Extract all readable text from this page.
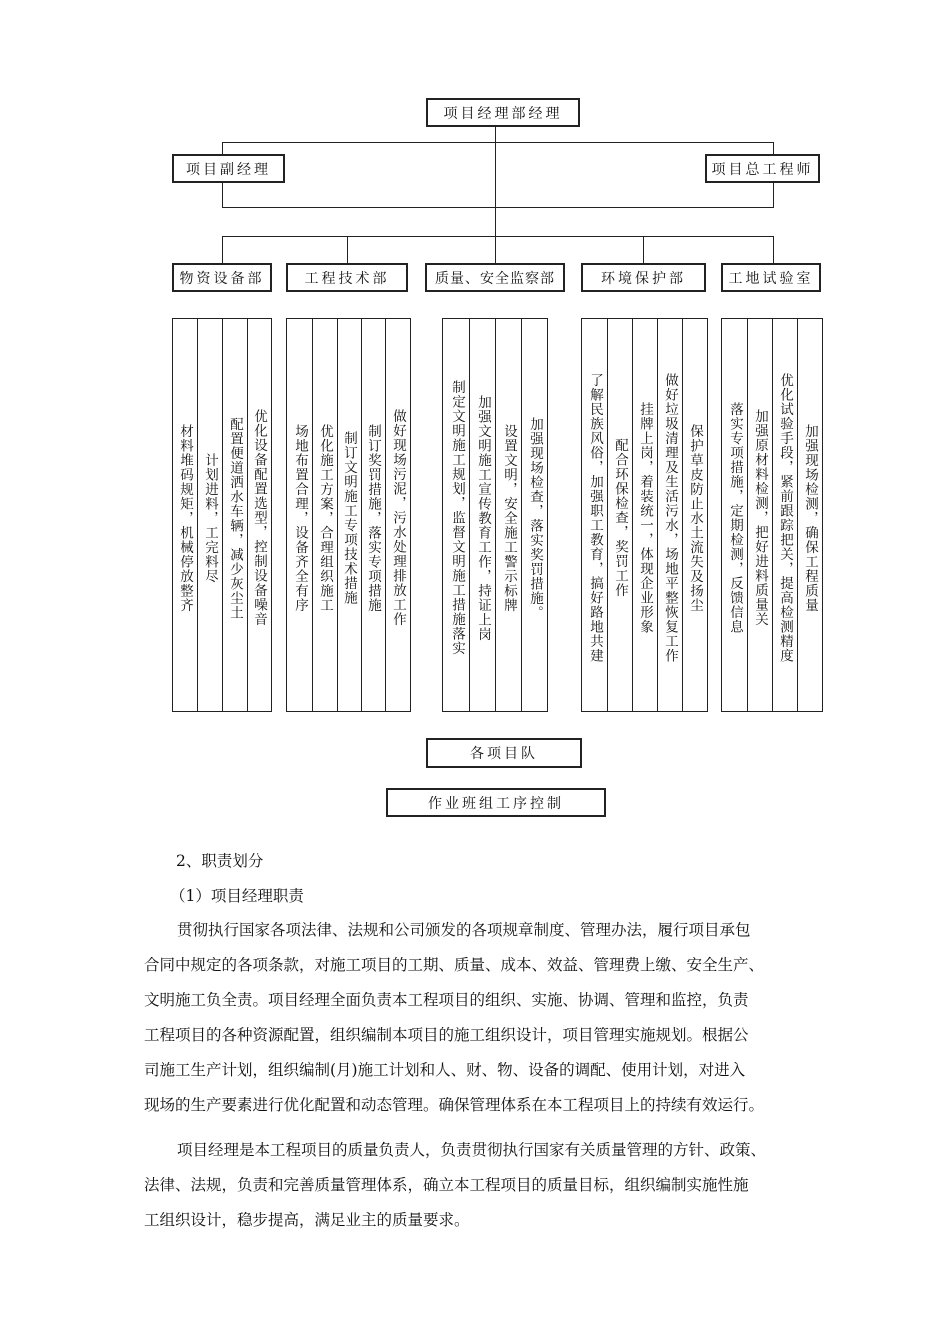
项目经理部经理
项目副经理	项目总工程师
物资设备部	工程技术部	质量、安全监察部	环境保护部	工地试验室
材料堆码规矩，机械停放整齐 计划进料，工完料尽 配置便道洒水车辆，减少灰尘土 优化设备配置选型，控制设备噪音	场地布置合理，设备齐全有序 优化施工方案，合理组织施工 制订文明施工专项技术措施 制订奖罚措施，落实专项措施 做好现场污泥，污水处理排放工作	制定文明施工规划，监督文明施工措施落实 加强文明施工宣传教育工作，持证上岗 设置文明，安全施工警示标牌 加强现场检查，落实奖罚措施。	了解民族风俗，加强职工教育，搞好路地共建 配合环保检查，奖罚工作 挂牌上岗，着装统一，体现企业形象 做好垃圾清理及生活污水，场地平整恢复工作 保护草皮防止水土流失及扬尘	落实专项措施，定期检测，反馈信息 加强原材料检测，把好进料质量关 优化试验手段，紧前跟踪把关，提高检测精度 加强现场检测，确保工程质量
各项目队
作业班组工序控制
2、职责划分
（1）项目经理职责
贯彻执行国家各项法律、法规和公司颁发的各项规章制度、管理办法，履行项目承包
合同中规定的各项条款，对施工项目的工期、质量、成本、效益、管理费上缴、安全生产、
文明施工负全责。项目经理全面负责本工程项目的组织、实施、协调、管理和监控，负责
工程项目的各种资源配置，组织编制本项目的施工组织设计，项目管理实施规划。根据公
司施工生产计划，组织编制(月)施工计划和人、财、物、设备的调配、使用计划，对进入
现场的生产要素进行优化配置和动态管理。确保管理体系在本工程项目上的持续有效运行。
项目经理是本工程项目的质量负责人，负责贯彻执行国家有关质量管理的方针、政策、
法律、法规，负责和完善质量管理体系，确立本工程项目的质量目标，组织编制实施性施
工组织设计，稳步提高，满足业主的质量要求。
